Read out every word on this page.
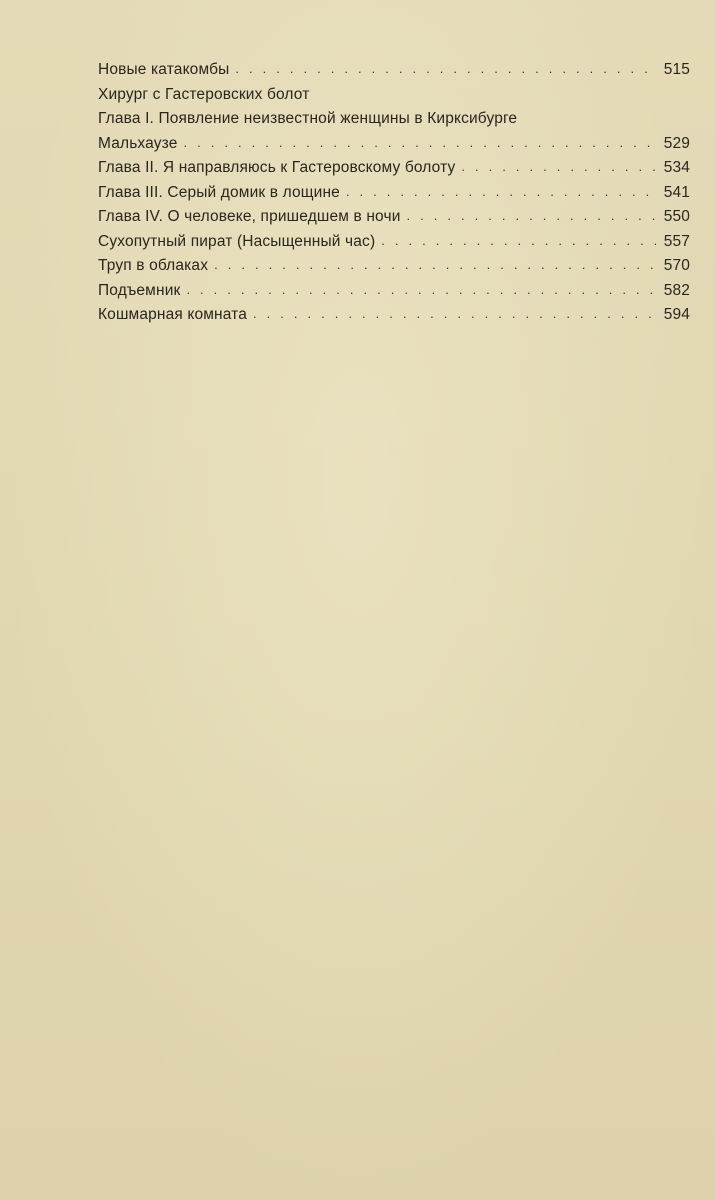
Новые катакомбы . . .	515
Хирург с Гастеровских болот
Глава I. Появление неизвестной женщины в Кирксибурге
Мальхаузе . . .	529
Глава II. Я направляюсь к Гастеровскому болоту . . .	534
Глава III. Серый домик в лощине . . .	541
Глава IV. О человеке, пришедшем в ночи . . .	550
Сухопутный пират (Насыщенный час) . . .	557
Труп в облаках . . .	570
Подъемник . . .	582
Кошмарная комната . . .	594
